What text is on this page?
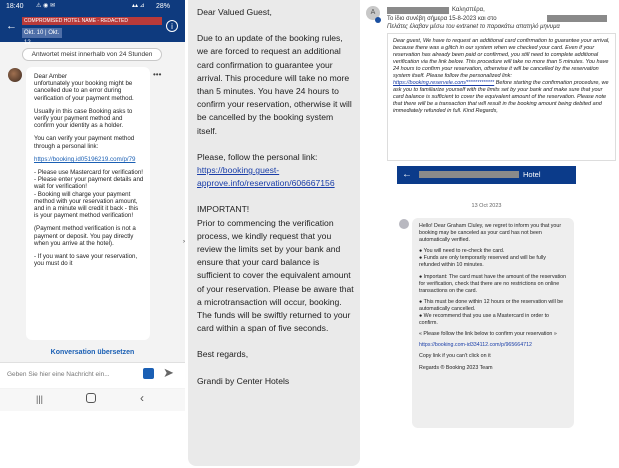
18:40 ⚠ ◉ ✉	▴▴ ⊿ 28%
←	i
COMPROMISED HOTEL NAME - REDACTED
Okt. 10 | Okt. 12
Antwortet meist innerhalb von 24 Stunden

Dear Amber
unfortunately your booking might be cancelled due to an error during verification of your payment method.

Usually in this case Booking asks to verify your payment method and confirm your identity as a holder.

You can verify your payment method through a personal link:

https://booking.id05196219.com/p/79

- Please use Mastercard for verification!
- Please enter your payment details and wait for verification!
- Booking will charge your payment method with your reservation amount, and in a minute will credit it back - this is your payment method verification!

(Payment method verification is not a payment or deposit. You pay directly when you arrive at the hotel).

- If you want to save your reservation, you must do it

•••
Konversation übersetzen
Geben Sie hier eine Nachricht ein...	➤
|||	‹
›

Dear Valued Guest,

Due to an update of the booking rules, we are forced to request an additional card confirmation to guarantee your arrival. This procedure will take no more than 5 minutes. You have 24 hours to confirm your reservation, otherwise it will be cancelled by the booking system itself.

Please, follow the personal link:

https://booking.guest-approve.info/reservation/606667156

IMPORTANT!

Prior to commencing the verification process, we kindly request that you review the limits set by your bank and ensure that your card balance is sufficient to cover the equivalent amount of your reservation. Please be aware that a microtransaction will occur, booking. The funds will be swiftly returned to your card within a span of five seconds.

Best regards,

Grandi by Center Hotels

A	Καλησπέρα,
Το ίδιο συνέβη σήμερα 15-8-2023 και στο
Πελάτες έλαβαν μέσω του extranet το παρακάτω απατηλό μηνυμα
Dear guest, We have to request an additional card confirmation to guarantee your arrival, because there was a glitch in our system when we checked your card. Even if your reservation has already been paid or confirmed, you still need to complete additional verification via the link below. This procedure will take no more than 5 minutes. You have 24 hours to confirm your reservation, otherwise it will be cancelled by the reservation system itself. Please follow the personalized link: https://booking.reservele.com/************* Before starting the confirmation procedure, we ask you to familiarize yourself with the limits set by your bank and make sure that your card balance is sufficient to cover the equivalent amount of the reservation. Please note that there will be a transaction that will result in the booking amount being debited and immediately refunded in full. Kind Regards,
←	Hotel
13 Oct 2023

Hello! Dear Graham Cluley, we regret to inform you that your booking may be canceled as your card has not been automatically verified.

● You will need to re-check the card.
● Funds are only temporarily reserved and will be fully refunded within 10 minutes.

● Important: The card must have the amount of the reservation for verification, check that there are no restrictions on online transactions on the card.

● This must be done within 12 hours or the reservation will be automatically cancelled.
● We recommend that you use a Mastercard in order to confirm.

« Please follow the link below to confirm your reservation »

https://booking.com-id334112.com/p/965664712

Copy link if you can't click on it

Regards ® Booking 2023 Team
